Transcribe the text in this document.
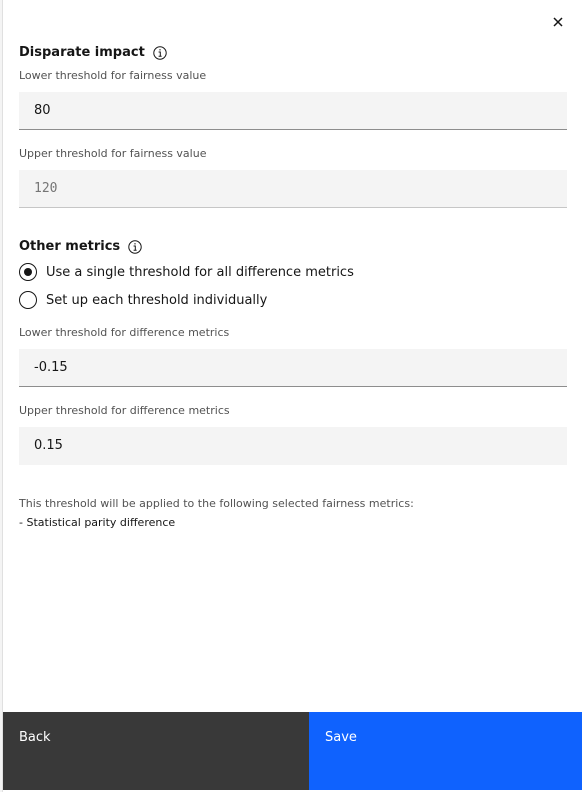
Disparate impact
Lower threshold for fairness value
80
Upper threshold for fairness value
120
Other metrics
Use a single threshold for all difference metrics
Set up each threshold individually
Lower threshold for difference metrics
-0.15
Upper threshold for difference metrics
0.15
This threshold will be applied to the following selected fairness metrics:
- Statistical parity difference
Back	Save
